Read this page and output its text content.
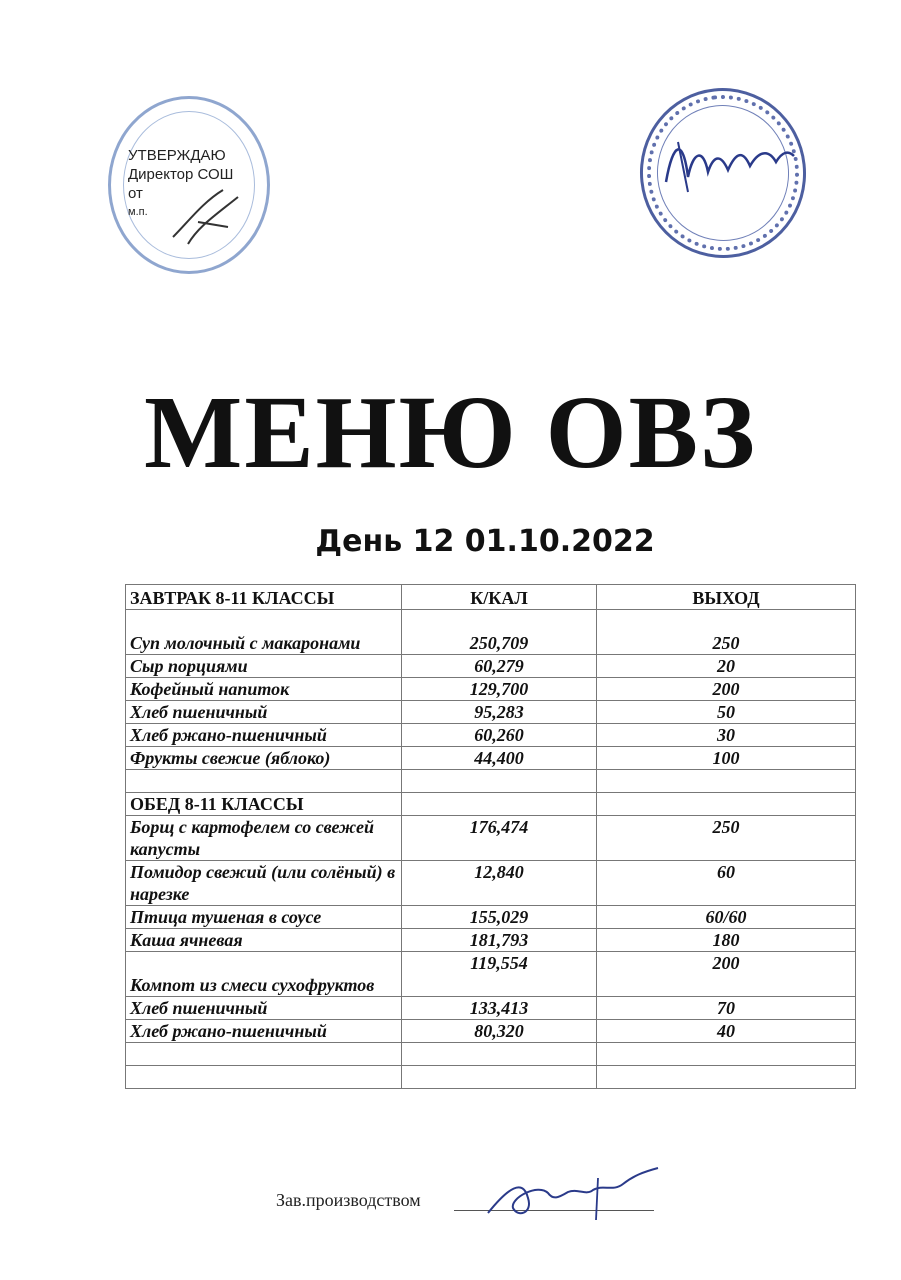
УТВЕРЖДАЮ
Директор СОШ
от
м.п.
МЕНЮ ОВЗ
День 12 01.10.2022
ЗАВТРАК 8-11 КЛАССЫ	К/КАЛ	ВЫХОД
Суп молочный с макаронами	250,709	250
Сыр порциями	60,279	20
Кофейный напиток	129,700	200
Хлеб пшеничный	95,283	50
Хлеб ржано-пшеничный	60,260	30
Фрукты свежие (яблоко)	44,400	100

ОБЕД 8-11 КЛАССЫ		
Борщ с картофелем со свежей капусты	176,474	250
Помидор свежий (или солёный) в нарезке	12,840	60
Птица тушеная в соусе	155,029	60/60
Каша ячневая	181,793	180
Компот из смеси сухофруктов	119,554	200
Хлеб пшеничный	133,413	70
Хлеб ржано-пшеничный	80,320	40

Зав.производством
